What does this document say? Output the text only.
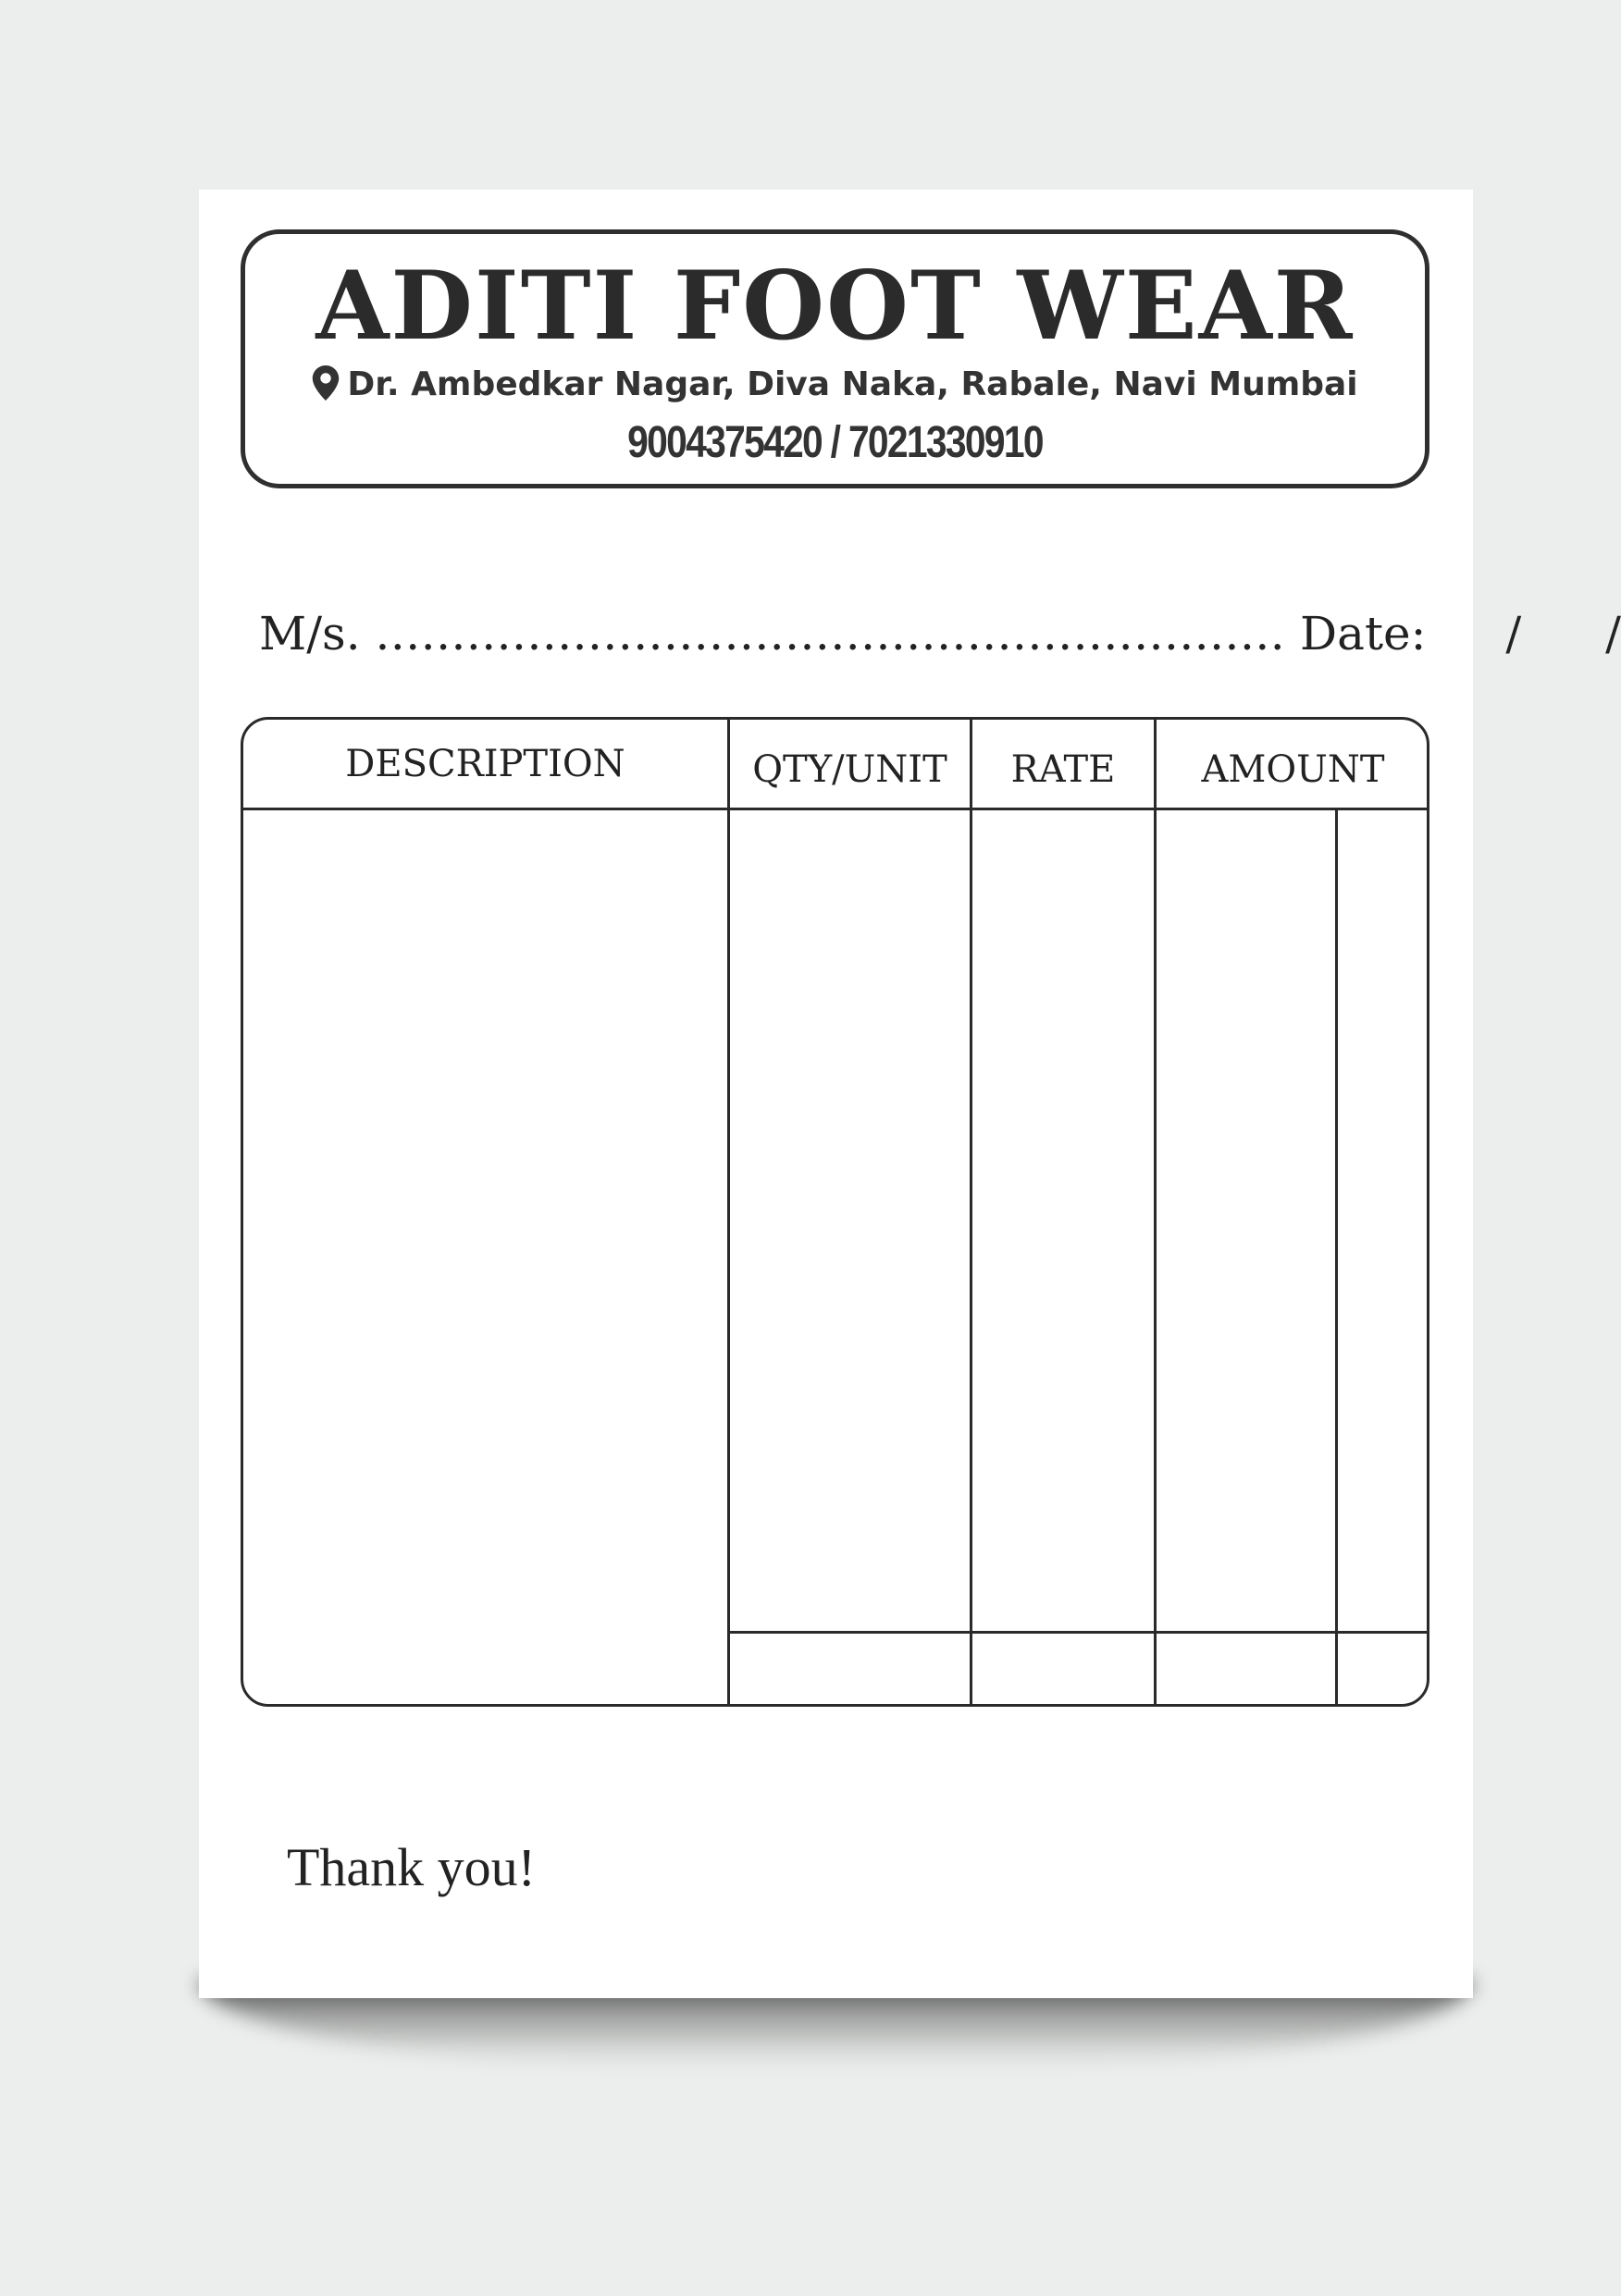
ADITI FOOT WEAR
Dr. Ambedkar Nagar, Diva Naka, Rabale, Navi Mumbai
9004375420 / 7021330910
M/s. ............................................................ Date: / /
DESCRIPTION	QTY/UNIT	RATE	AMOUNT
Thank you!
